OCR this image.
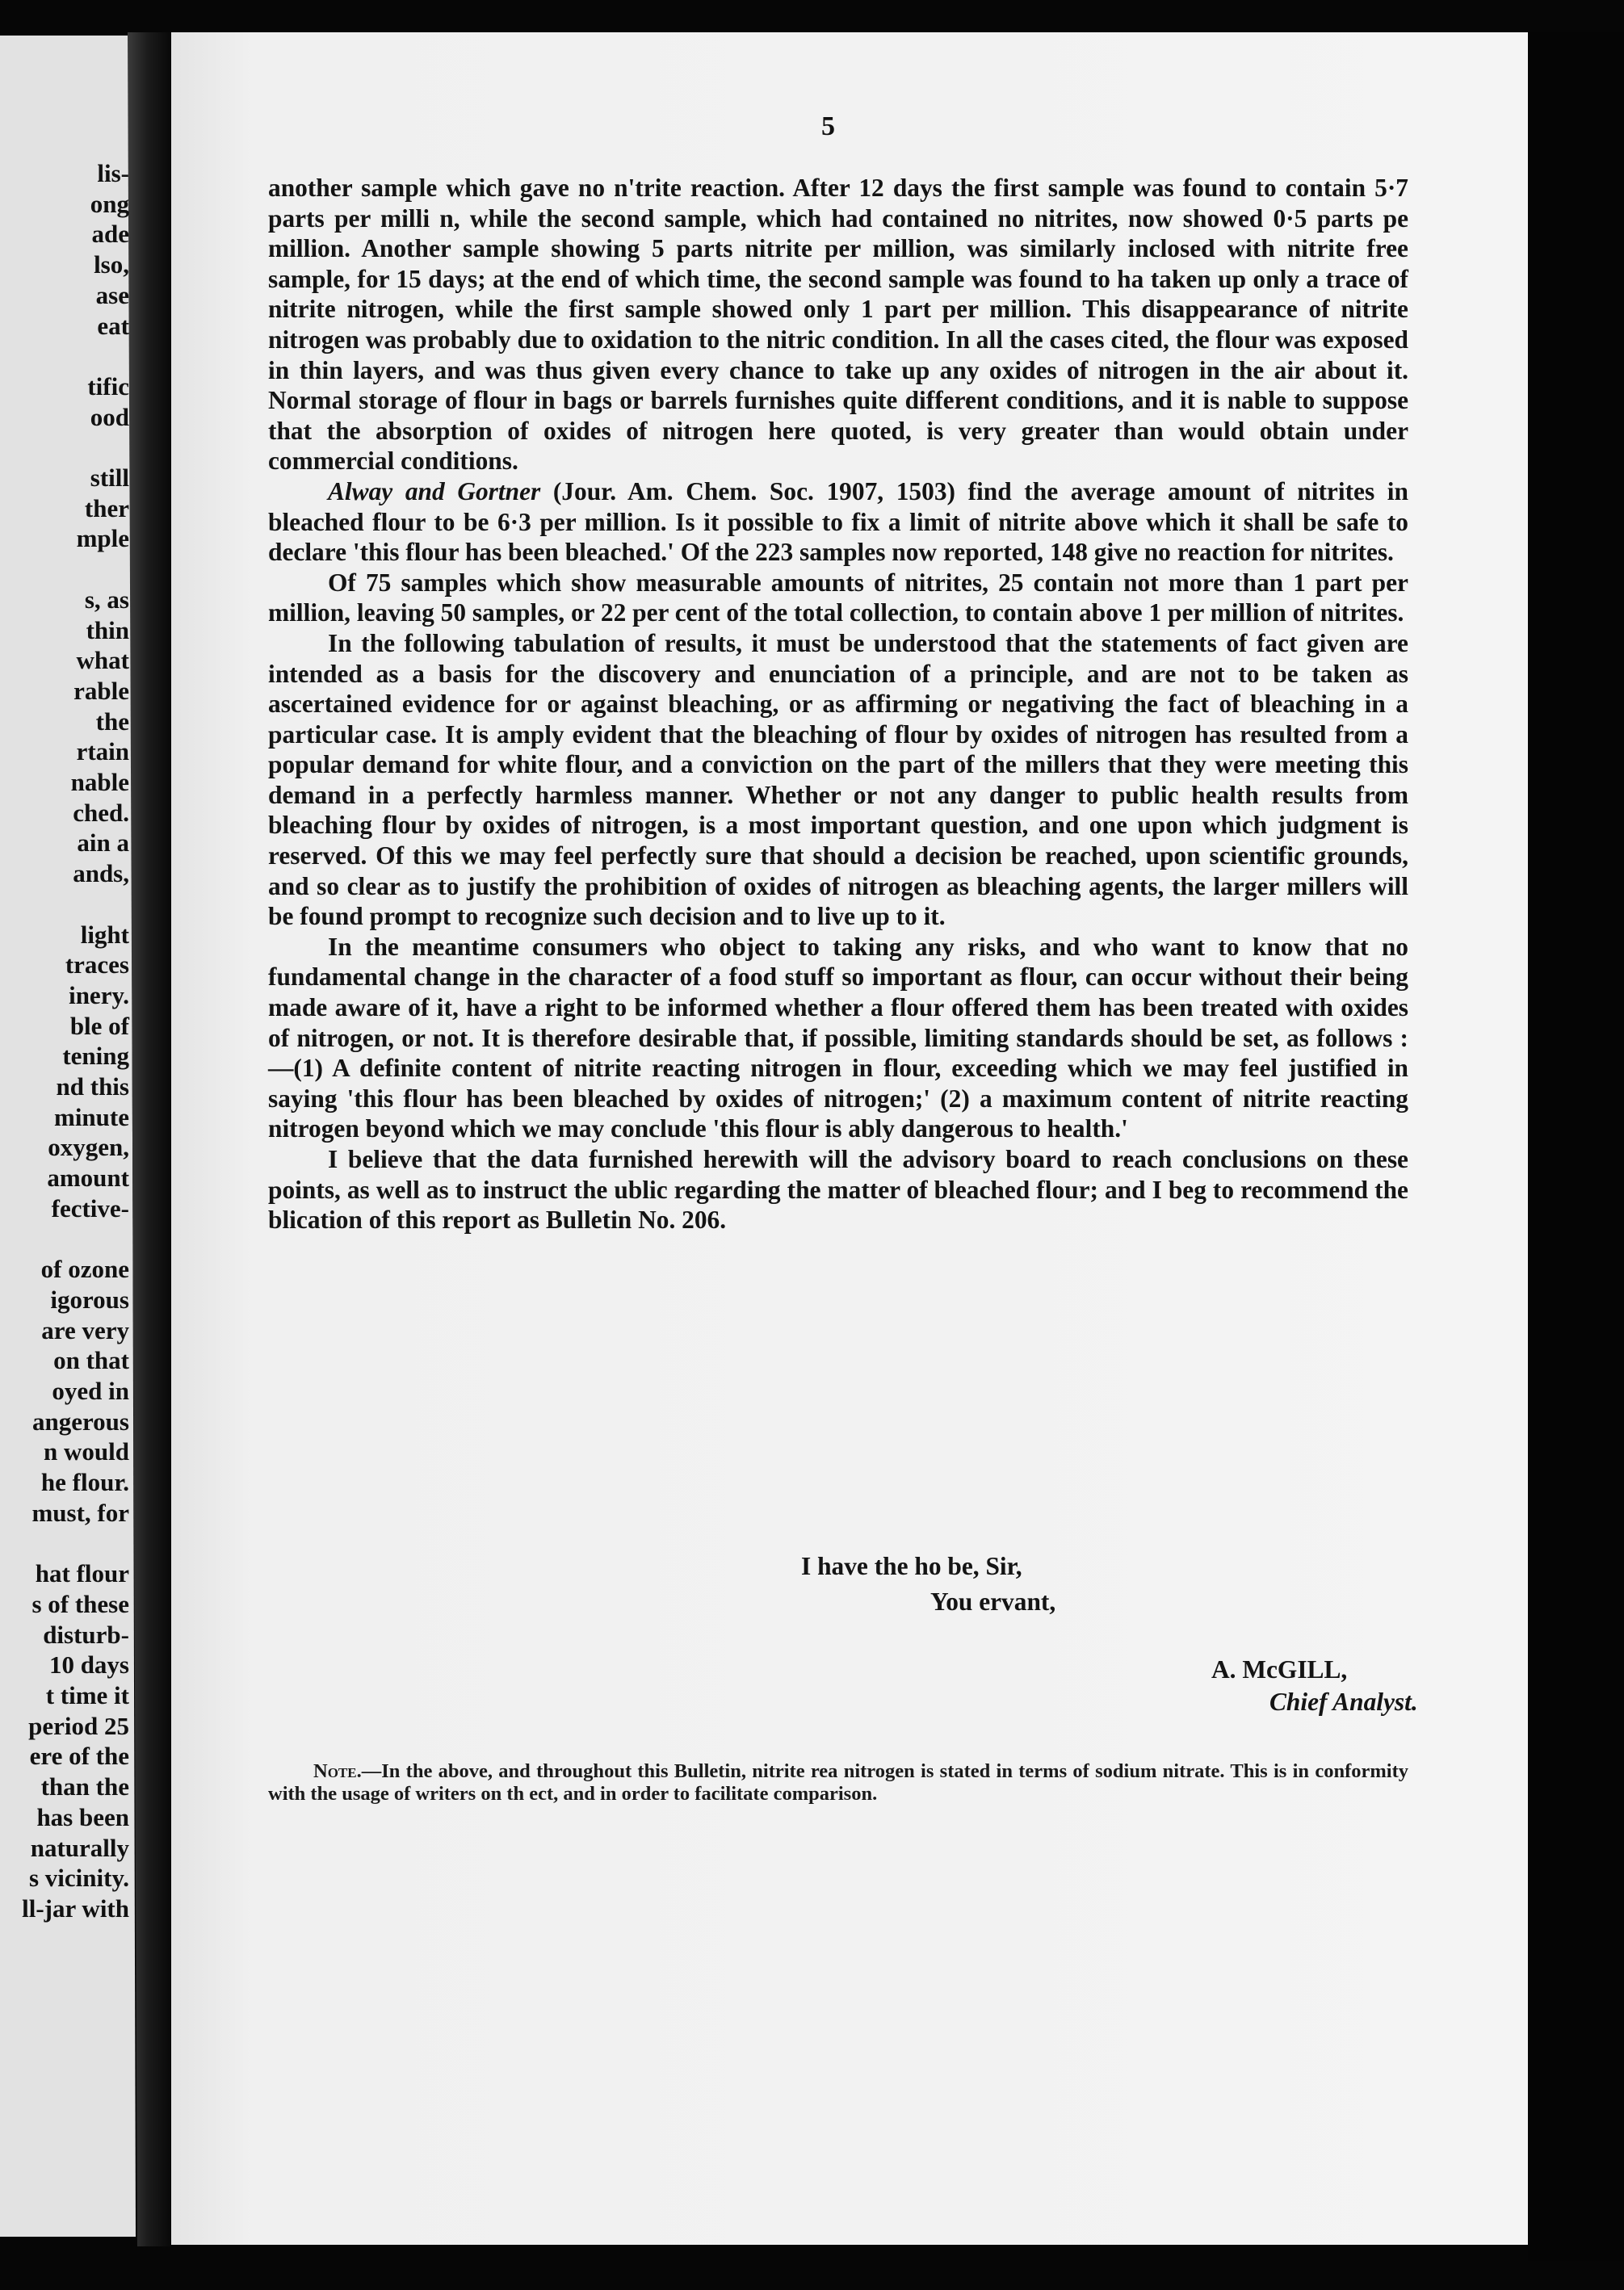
lis-
ong
ade
lso,
ase
eat
tific
ood
still
ther
mple
s, as
thin
what
rable
the
rtain
nable
ched.
ain a
ands,
light
traces
inery.
ble of
tening
nd this
minute
oxygen,
amount
fective-
of ozone
igorous
are very
on that
oyed in
angerous
n would
he flour.
must, for
hat flour
s of these
disturb-
10 days
t time it
period 25
ere of the
than the
has been
naturally
s vicinity.
ll-jar with
5

another sample which gave no n'trite reaction. After 12 days the first sample was found to contain 5·7 parts per milli n, while the second sample, which had contained no nitrites, now showed 0·5 parts pe million. Another sample showing 5 parts nitrite per million, was similarly inclosed with nitrite free sample, for 15 days; at the end of which time, the second sample was found to ha taken up only a trace of nitrite nitrogen, while the first sample showed only 1 part per million. This disappearance of nitrite nitrogen was probably due to oxidation to the nitric condition. In all the cases cited, the flour was exposed in thin layers, and was thus given every chance to take up any oxides of nitrogen in the air about it. Normal storage of flour in bags or barrels furnishes quite different conditions, and it is nable to suppose that the absorption of oxides of nitrogen here quoted, is very greater than would obtain under commercial conditions.

Alway and Gortner (Jour. Am. Chem. Soc. 1907, 1503) find the average amount of nitrites in bleached flour to be 6·3 per million. Is it possible to fix a limit of nitrite above which it shall be safe to declare 'this flour has been bleached.' Of the 223 samples now reported, 148 give no reaction for nitrites.

Of 75 samples which show measurable amounts of nitrites, 25 contain not more than 1 part per million, leaving 50 samples, or 22 per cent of the total collection, to contain above 1 per million of nitrites.

In the following tabulation of results, it must be understood that the statements of fact given are intended as a basis for the discovery and enunciation of a principle, and are not to be taken as ascertained evidence for or against bleaching, or as affirming or negativing the fact of bleaching in a particular case. It is amply evident that the bleaching of flour by oxides of nitrogen has resulted from a popular demand for white flour, and a conviction on the part of the millers that they were meeting this demand in a perfectly harmless manner. Whether or not any danger to public health results from bleaching flour by oxides of nitrogen, is a most important question, and one upon which judgment is reserved. Of this we may feel perfectly sure that should a decision be reached, upon scientific grounds, and so clear as to justify the prohibition of oxides of nitrogen as bleaching agents, the larger millers will be found prompt to recognize such decision and to live up to it.

In the meantime consumers who object to taking any risks, and who want to know that no fundamental change in the character of a food stuff so important as flour, can occur without their being made aware of it, have a right to be informed whether a flour offered them has been treated with oxides of nitrogen, or not. It is therefore desirable that, if possible, limiting standards should be set, as follows :—(1) A definite content of nitrite reacting nitrogen in flour, exceeding which we may feel justified in saying 'this flour has been bleached by oxides of nitrogen;' (2) a maximum content of nitrite reacting nitrogen beyond which we may conclude 'this flour is ably dangerous to health.'

I believe that the data furnished herewith will the advisory board to reach conclusions on these points, as well as to instruct the ublic regarding the matter of bleached flour; and I beg to recommend the blication of this report as Bulletin No. 206.

I have the ho be, Sir,
You ervant,
A. McGILL,
Chief Analyst.
Note.—In the above, and throughout this Bulletin, nitrite rea nitrogen is stated in terms of sodium nitrate. This is in conformity with the usage of writers on th ect, and in order to facilitate comparison.
